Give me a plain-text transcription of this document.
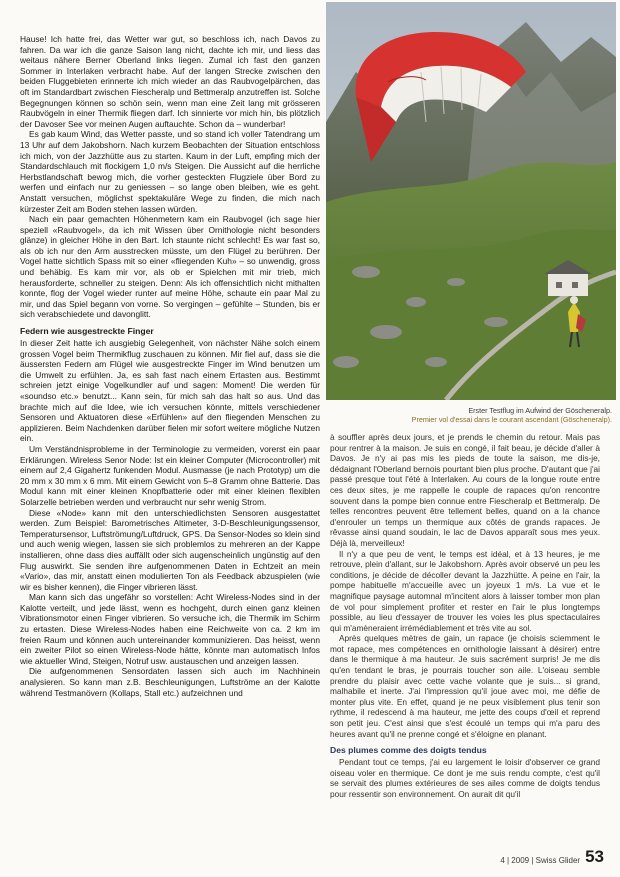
Hause! Ich hatte frei, das Wetter war gut, so beschloss ich, nach Davos zu fahren. Da war ich die ganze Saison lang nicht, dachte ich mir, und liess das weitaus nähere Berner Oberland links liegen. Zumal ich fast den ganzen Sommer in Interlaken verbracht habe. Auf der langen Strecke zwischen den beiden Fluggebieten erinnerte ich mich wieder an das Raubvogelpärchen, das oft im Standardbart zwischen Fiescheralp und Bettmeralp anzutreffen ist. Solche Begegnungen können so schön sein, wenn man eine Zeit lang mit grösseren Raubvögeln in einer Thermik fliegen darf. Ich sinnierte vor mich hin, bis plötzlich der Davoser See vor meinen Augen auftauchte. Schon da – wunderbar!

Es gab kaum Wind, das Wetter passte, und so stand ich voller Tatendrang um 13 Uhr auf dem Jakobshorn. Nach kurzem Beobachten der Situation entschloss ich mich, von der Jazzhütte aus zu starten. Kaum in der Luft, empfing mich der Standardschlauch mit flockigem 1,0 m/s Steigen. Die Aussicht auf die herrliche Herbstlandschaft bewog mich, die vorher gesteckten Flugziele über Bord zu werfen und einfach nur zu geniessen – so lange oben bleiben, wie es geht. Anstatt versuchen, möglichst spektakuläre Wege zu finden, die mich nach kürzester Zeit am Boden stehen lassen würden.

Nach ein paar gemachten Höhenmetern kam ein Raubvogel (ich sage hier speziell «Raubvogel», da ich mit Wissen über Ornithologie nicht besonders glänze) in gleicher Höhe in den Bart. Ich staunte nicht schlecht! Es war fast so, als ob ich nur den Arm ausstrecken müsste, um den Flügel zu berühren. Der Vogel hatte sichtlich Spass mit so einer «fliegenden Kuh» – so unwendig, gross und behäbig. Es kam mir vor, als ob er Spielchen mit mir trieb, mich herausforderte, schneller zu steigen. Denn: Als ich offensichtlich nicht mithalten konnte, flog der Vogel wieder runter auf meine Höhe, schaute ein paar Mal zu mir, und das Spiel begann von vorne. So vergingen – gefühlte – Stunden, bis er sich verabschiedete und davonglitt.

Federn wie ausgestreckte Finger

In dieser Zeit hatte ich ausgiebig Gelegenheit, von nächster Nähe solch einem grossen Vogel beim Thermikflug zuschauen zu können. Mir fiel auf, dass sie die äussersten Federn am Flügel wie ausgestreckte Finger im Wind benutzen um die Umwelt zu erfühlen. Ja, es sah fast nach einem Ertasten aus. Bestimmt schreien jetzt einige Vogelkundler auf und sagen: Moment! Die werden für «soundso etc.» benutzt... Kann sein, für mich sah das halt so aus. Und das brachte mich auf die Idee, wie ich versuchen könnte, mittels verschiedener Sensoren und Aktuatoren diese «Erfühlen» auf den fliegenden Menschen zu applizieren. Beim Nachdenken darüber fielen mir sofort weitere mögliche Nutzen ein.

Um Verständnisprobleme in der Terminologie zu vermeiden, vorerst ein paar Erklärungen. Wireless Senor Node: Ist ein kleiner Computer (Microcontroller) mit einem auf 2,4 Gigahertz funkenden Modul. Ausmasse (je nach Prototyp) um die 20 mm x 30 mm x 6 mm. Mit einem Gewicht von 5–8 Gramm ohne Batterie. Das Modul kann mit einer kleinen Knopfbatterie oder mit einer kleinen flexiblen Solarzelle betrieben werden und verbraucht nur sehr wenig Strom.

Diese «Node» kann mit den unterschiedlichsten Sensoren ausgestattet werden. Zum Beispiel: Barometrisches Altimeter, 3-D-Beschleunigungssensor, Temperatursensor, Luftströmung/Luftdruck, GPS. Da Sensor-Nodes so klein sind und auch wenig wiegen, lassen sie sich problemlos zu mehreren an der Kappe installieren, ohne dass dies auffällt oder sich augenscheinlich ungünstig auf den Flug auswirkt. Sie senden ihre aufgenommenen Daten in Echtzeit an mein «Vario», das mir, anstatt einen modulierten Ton als Feedback abzuspielen (wie wir es bisher kennen), die Finger vibrieren lässt.

Man kann sich das ungefähr so vorstellen: Acht Wireless-Nodes sind in der Kalotte verteilt, und jede lässt, wenn es hochgeht, durch einen ganz kleinen Vibrationsmotor einen Finger vibrieren. So versuche ich, die Thermik im Schirm zu ertasten. Diese Wireless-Nodes haben eine Reichweite von ca. 2 km im freien Raum und können auch untereinander kommunizieren. Das heisst, wenn ein zweiter Pilot so einen Wireless-Node hätte, könnte man automatisch Infos wie aktueller Wind, Steigen, Notruf usw. austauschen und anzeigen lassen.

Die aufgenommenen Sensordaten lassen sich auch im Nachhinein analysieren. So kann man z.B. Beschleunigungen, Luftströme an der Kalotte während Testmanövern (Kollaps, Stall etc.) aufzeichnen und

Erster Testflug im Aufwind der Göscheneralp.
Premier vol d'essai dans le courant ascendant (Göscheneralp).

à souffler après deux jours, et je prends le chemin du retour. Mais pas pour rentrer à la maison. Je suis en congé, il fait beau, je décide d'aller à Davos. Je n'y ai pas mis les pieds de toute la saison, me dis-je, dédaignant l'Oberland bernois pourtant bien plus proche. D'autant que j'ai passé presque tout l'été à Interlaken. Au cours de la longue route entre ces deux sites, je me rappelle le couple de rapaces qu'on rencontre souvent dans la pompe bien connue entre Fiescheralp et Bettmeralp. De telles rencontres peuvent être tellement belles, quand on a la chance d'enrouler un temps un thermique aux côtés de grands rapaces. Je rêvasse ainsi quand soudain, le lac de Davos apparaît sous mes yeux. Déjà là, merveilleux!

Il n'y a que peu de vent, le temps est idéal, et à 13 heures, je me retrouve, plein d'allant, sur le Jakobshorn. Après avoir observé un peu les conditions, je décide de décoller devant la Jazzhütte. A peine en l'air, la pompe habituelle m'accueille avec un joyeux 1 m/s. La vue et le magnifique paysage automnal m'incitent alors à laisser tomber mon plan de vol pour simplement profiter et rester en l'air le plus longtemps possible, au lieu d'essayer de trouver les voies les plus spectaculaires qui m'amèneraient irrémédiablement et très vite au sol.

Après quelques mètres de gain, un rapace (je choisis sciemment le mot rapace, mes compétences en ornithologie laissant à désirer) entre dans le thermique à ma hauteur. Je suis sacrément surpris! Je me dis qu'en tendant le bras, je pourrais toucher son aile. L'oiseau semble prendre du plaisir avec cette vache volante que je suis... si grand, malhabile et inerte. J'ai l'impression qu'il joue avec moi, me défie de monter plus vite. En effet, quand je ne peux visiblement plus tenir son rythme, il redescend à ma hauteur, me jette des coups d'œil et reprend son petit jeu. C'est ainsi que s'est écoulé un temps qui m'a paru des heures avant qu'il ne prenne congé et s'éloigne en planant.

Des plumes comme des doigts tendus

Pendant tout ce temps, j'ai eu largement le loisir d'observer ce grand oiseau voler en thermique. Ce dont je me suis rendu compte, c'est qu'il se servait des plumes extérieures de ses ailes comme de doigts tendus pour ressentir son environnement. On aurait dit qu'il

4 | 2009 | Swiss Glider 53
